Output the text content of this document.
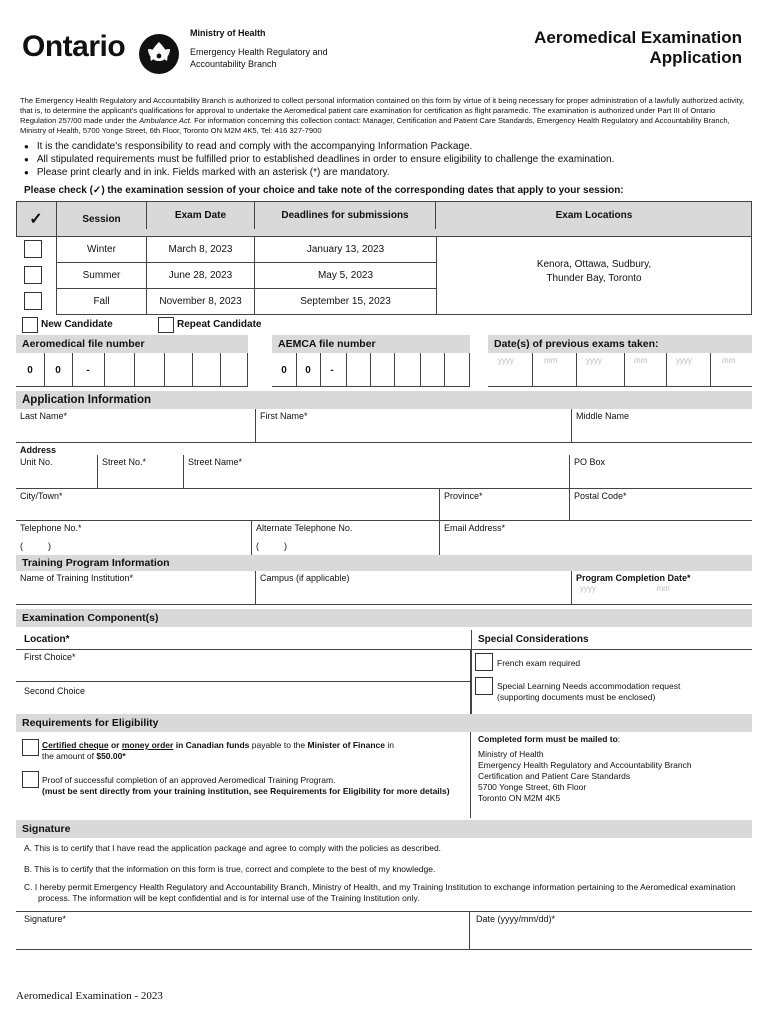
Ontario	Ministry of Health
Emergency Health Regulatory and Accountability Branch
Aeromedical Examination
Application
The Emergency Health Regulatory and Accountability Branch is authorized to collect personal information contained on this form by virtue of it being necessary for proper administration of a lawfully authorized activity, that is, to determine the applicant's qualifications for approval to undertake the Aeromedical patient care examination for certification as flight paramedic. The examination is authorized under Part III of Ontario Regulation 257/00 made under the Ambulance Act. For information concerning this collection contact: Manager, Certification and Patient Care Standards, Emergency Health Regulatory and Accountability Branch, Ministry of Health, 5700 Yonge Street, 6th Floor, Toronto ON M2M 4K5, Tel: 416 327-7900
● It is the candidate's responsibility to read and comply with the accompanying Information Package.
● All stipulated requirements must be fulfilled prior to established deadlines in order to ensure eligibility to challenge the examination.
● Please print clearly and in ink. Fields marked with an asterisk (*) are mandatory.
Please check (✓) the examination session of your choice and take note of the corresponding dates that apply to your session:
✓	Session	Exam Date	Deadlines for submissions	Exam Locations
Kenora, Ottawa, Sudbury,
Thunder Bay, Toronto
Winter	March 8, 2023	January 13, 2023
Summer	June 28, 2023	May 5, 2023
Fall	November 8, 2023	September 15, 2023
New Candidate	Repeat Candidate
Aeromedical file number	AEMCA file number	Date(s) of previous exams taken:
0	0	-	0	0	-
yyyy	mm	yyyy	mm	yyyy	mm
Application Information
Last Name*	First Name*	Middle Name
Address
Unit No.	Street No.*	Street Name*	PO Box
City/Town*	Province*	Postal Code*
Telephone No.*
(          )
Alternate Telephone No.
(          )
Email Address*
Training Program Information
Name of Training Institution*	Campus (if applicable)	Program Completion Date*
yyyy	mm
Examination Component(s)
Location*	Special Considerations
First Choice*
Second Choice
French exam required
Special Learning Needs accommodation request
(supporting documents must be enclosed)
Requirements for Eligibility
Certified cheque or money order in Canadian funds payable to the Minister of Finance in
the amount of $50.00*
Proof of successful completion of an approved Aeromedical Training Program.
(must be sent directly from your training institution, see Requirements for Eligibility for more details)
Completed form must be mailed to:
Ministry of Health
Emergency Health Regulatory and Accountability Branch
Certification and Patient Care Standards
5700 Yonge Street, 6th Floor
Toronto ON M2M 4K5
Signature
A. This is to certify that I have read the application package and agree to comply with the policies as described.
B. This is to certify that the information on this form is true, correct and complete to the best of my knowledge.
C. I hereby permit Emergency Health Regulatory and Accountability Branch, Ministry of Health, and my Training Institution to exchange information pertaining to the Aeromedical examination process. The information will be kept confidential and is for internal use of the Training Institution only.
Signature*	Date (yyyy/mm/dd)*
Aeromedical Examination - 2023
